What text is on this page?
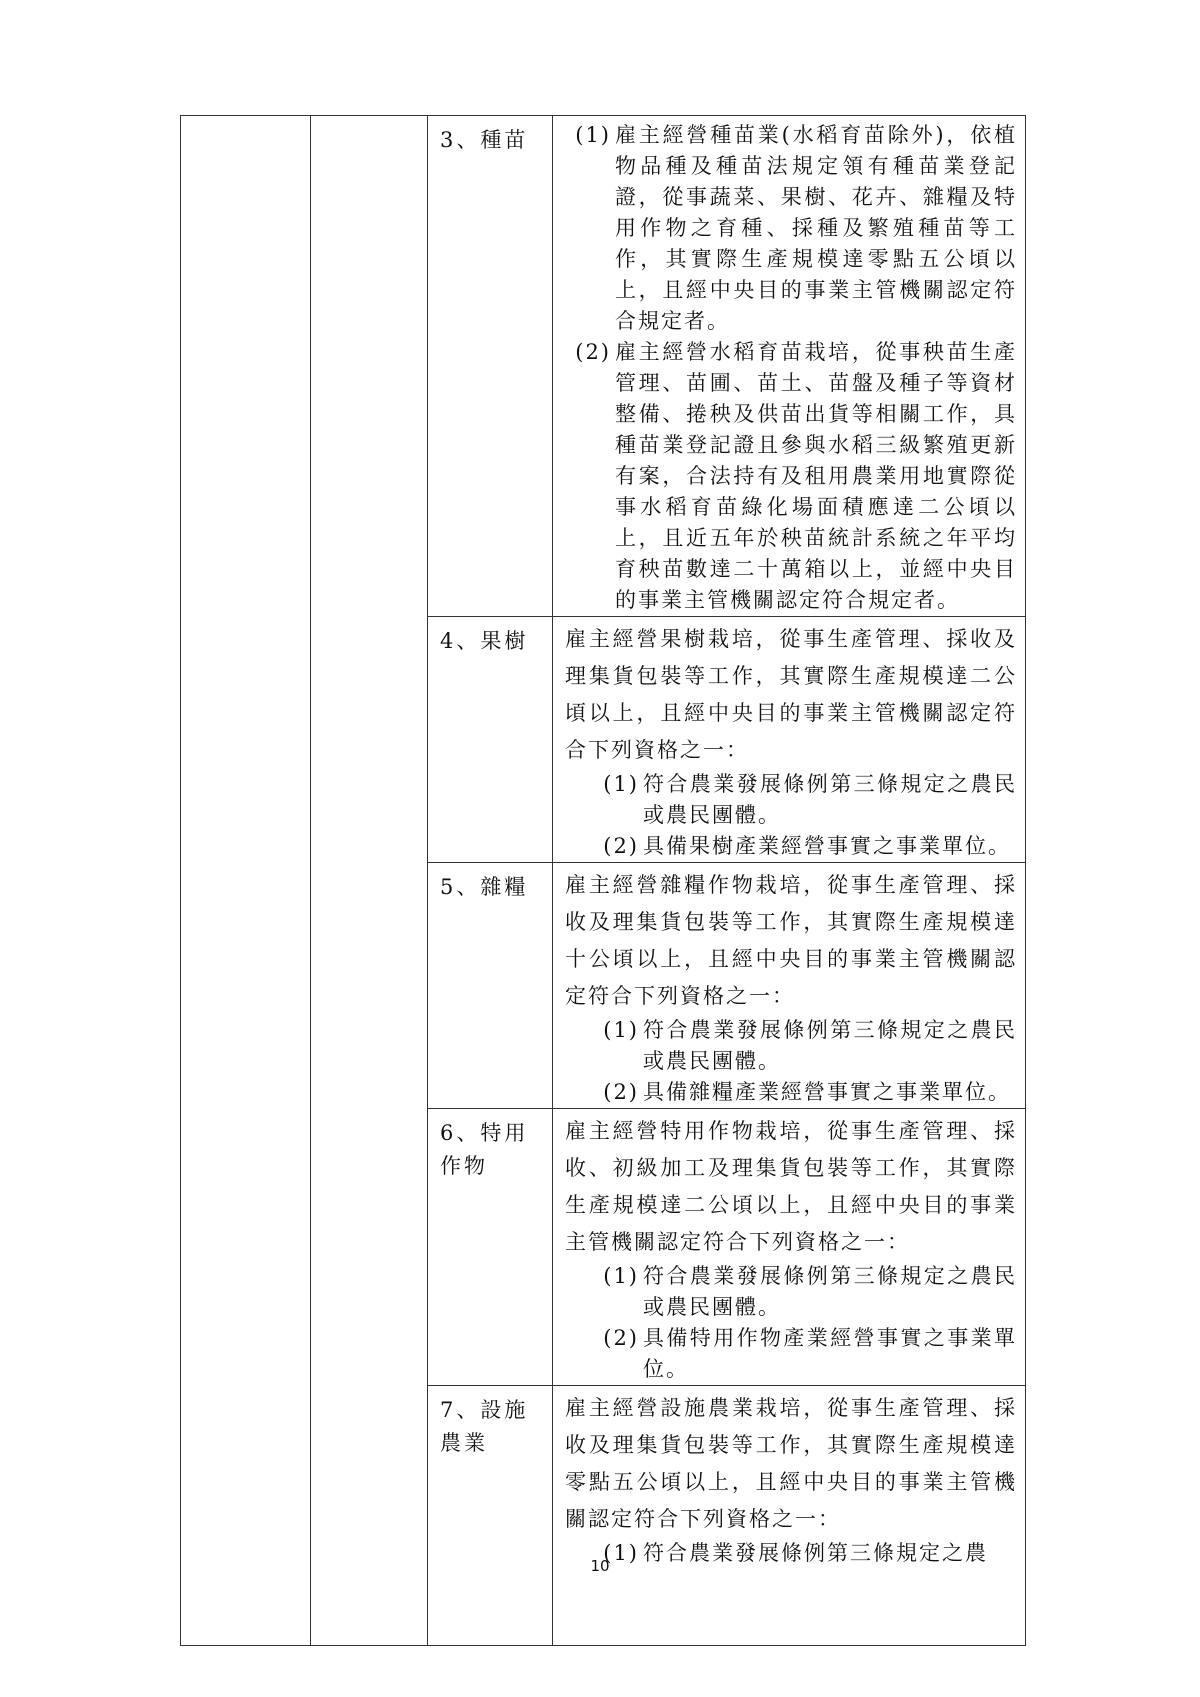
		3、種苗	(1) 雇主經營種苗業(水稻育苗除外)，依植物品種及種苗法規定領有種苗業登記證，從事蔬菜、果樹、花卉、雜糧及特用作物之育種、採種及繁殖種苗等工作，其實際生產規模達零點五公頃以上，且經中央目的事業主管機關認定符合規定者。
(2) 雇主經營水稻育苗栽培，從事秧苗生產管理、苗圃、苗土、苗盤及種子等資材整備、捲秧及供苗出貨等相關工作，具種苗業登記證且參與水稻三級繁殖更新有案，合法持有及租用農業用地實際從事水稻育苗綠化場面積應達二公頃以上，且近五年於秧苗統計系統之年平均育秧苗數達二十萬箱以上，並經中央目的事業主管機關認定符合規定者。

		4、果樹	雇主經營果樹栽培，從事生產管理、採收及理集貨包裝等工作，其實際生產規模達二公頃以上，且經中央目的事業主管機關認定符合下列資格之一：
(1) 符合農業發展條例第三條規定之農民或農民團體。
(2) 具備果樹產業經營事實之事業單位。

		5、雜糧	雇主經營雜糧作物栽培，從事生產管理、採收及理集貨包裝等工作，其實際生產規模達十公頃以上，且經中央目的事業主管機關認定符合下列資格之一：
(1) 符合農業發展條例第三條規定之農民或農民團體。
(2) 具備雜糧產業經營事實之事業單位。

		6、特用作物	雇主經營特用作物栽培，從事生產管理、採收、初級加工及理集貨包裝等工作，其實際生產規模達二公頃以上，且經中央目的事業主管機關認定符合下列資格之一：
(1) 符合農業發展條例第三條規定之農民或農民團體。
(2) 具備特用作物產業經營事實之事業單位。

		7、設施農業	雇主經營設施農業栽培，從事生產管理、採收及理集貨包裝等工作，其實際生產規模達零點五公頃以上，且經中央目的事業主管機關認定符合下列資格之一：
(1) 符合農業發展條例第三條規定之農
10
